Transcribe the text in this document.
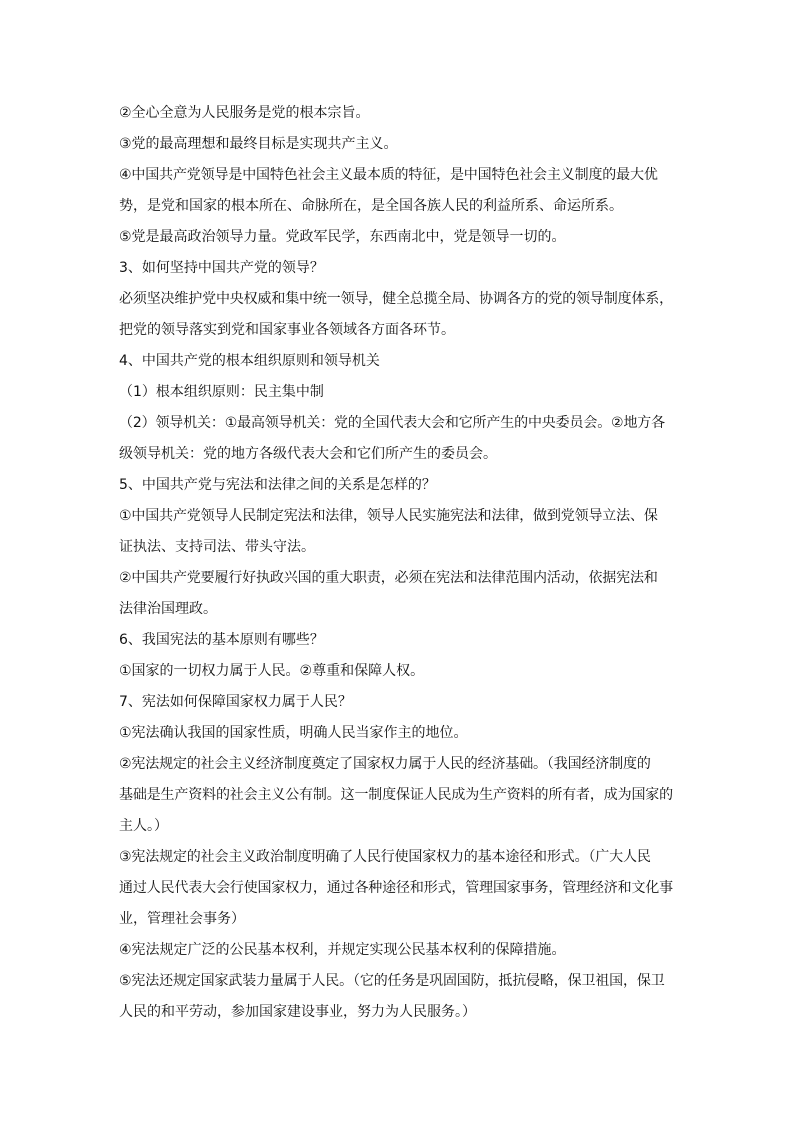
②全心全意为人民服务是党的根本宗旨。
③党的最高理想和最终目标是实现共产主义。
④中国共产党领导是中国特色社会主义最本质的特征，是中国特色社会主义制度的最大优
势，是党和国家的根本所在、命脉所在，是全国各族人民的利益所系、命运所系。
⑤党是最高政治领导力量。党政军民学，东西南北中，党是领导一切的。
3、如何坚持中国共产党的领导？
必须坚决维护党中央权威和集中统一领导，健全总揽全局、协调各方的党的领导制度体系，
把党的领导落实到党和国家事业各领域各方面各环节。
4、中国共产党的根本组织原则和领导机关
（1）根本组织原则：民主集中制
（2）领导机关：①最高领导机关：党的全国代表大会和它所产生的中央委员会。②地方各
级领导机关：党的地方各级代表大会和它们所产生的委员会。
5、中国共产党与宪法和法律之间的关系是怎样的？
①中国共产党领导人民制定宪法和法律，领导人民实施宪法和法律，做到党领导立法、保
证执法、支持司法、带头守法。
②中国共产党要履行好执政兴国的重大职责，必须在宪法和法律范围内活动，依据宪法和
法律治国理政。
6、我国宪法的基本原则有哪些？
①国家的一切权力属于人民。②尊重和保障人权。
7、宪法如何保障国家权力属于人民？
①宪法确认我国的国家性质，明确人民当家作主的地位。
②宪法规定的社会主义经济制度奠定了国家权力属于人民的经济基础。（我国经济制度的
基础是生产资料的社会主义公有制。这一制度保证人民成为生产资料的所有者，成为国家的
主人。）
③宪法规定的社会主义政治制度明确了人民行使国家权力的基本途径和形式。（广大人民
通过人民代表大会行使国家权力，通过各种途径和形式，管理国家事务，管理经济和文化事
业，管理社会事务）
④宪法规定广泛的公民基本权利，并规定实现公民基本权利的保障措施。
⑤宪法还规定国家武装力量属于人民。（它的任务是巩固国防，抵抗侵略，保卫祖国，保卫
人民的和平劳动，参加国家建设事业，努力为人民服务。）
